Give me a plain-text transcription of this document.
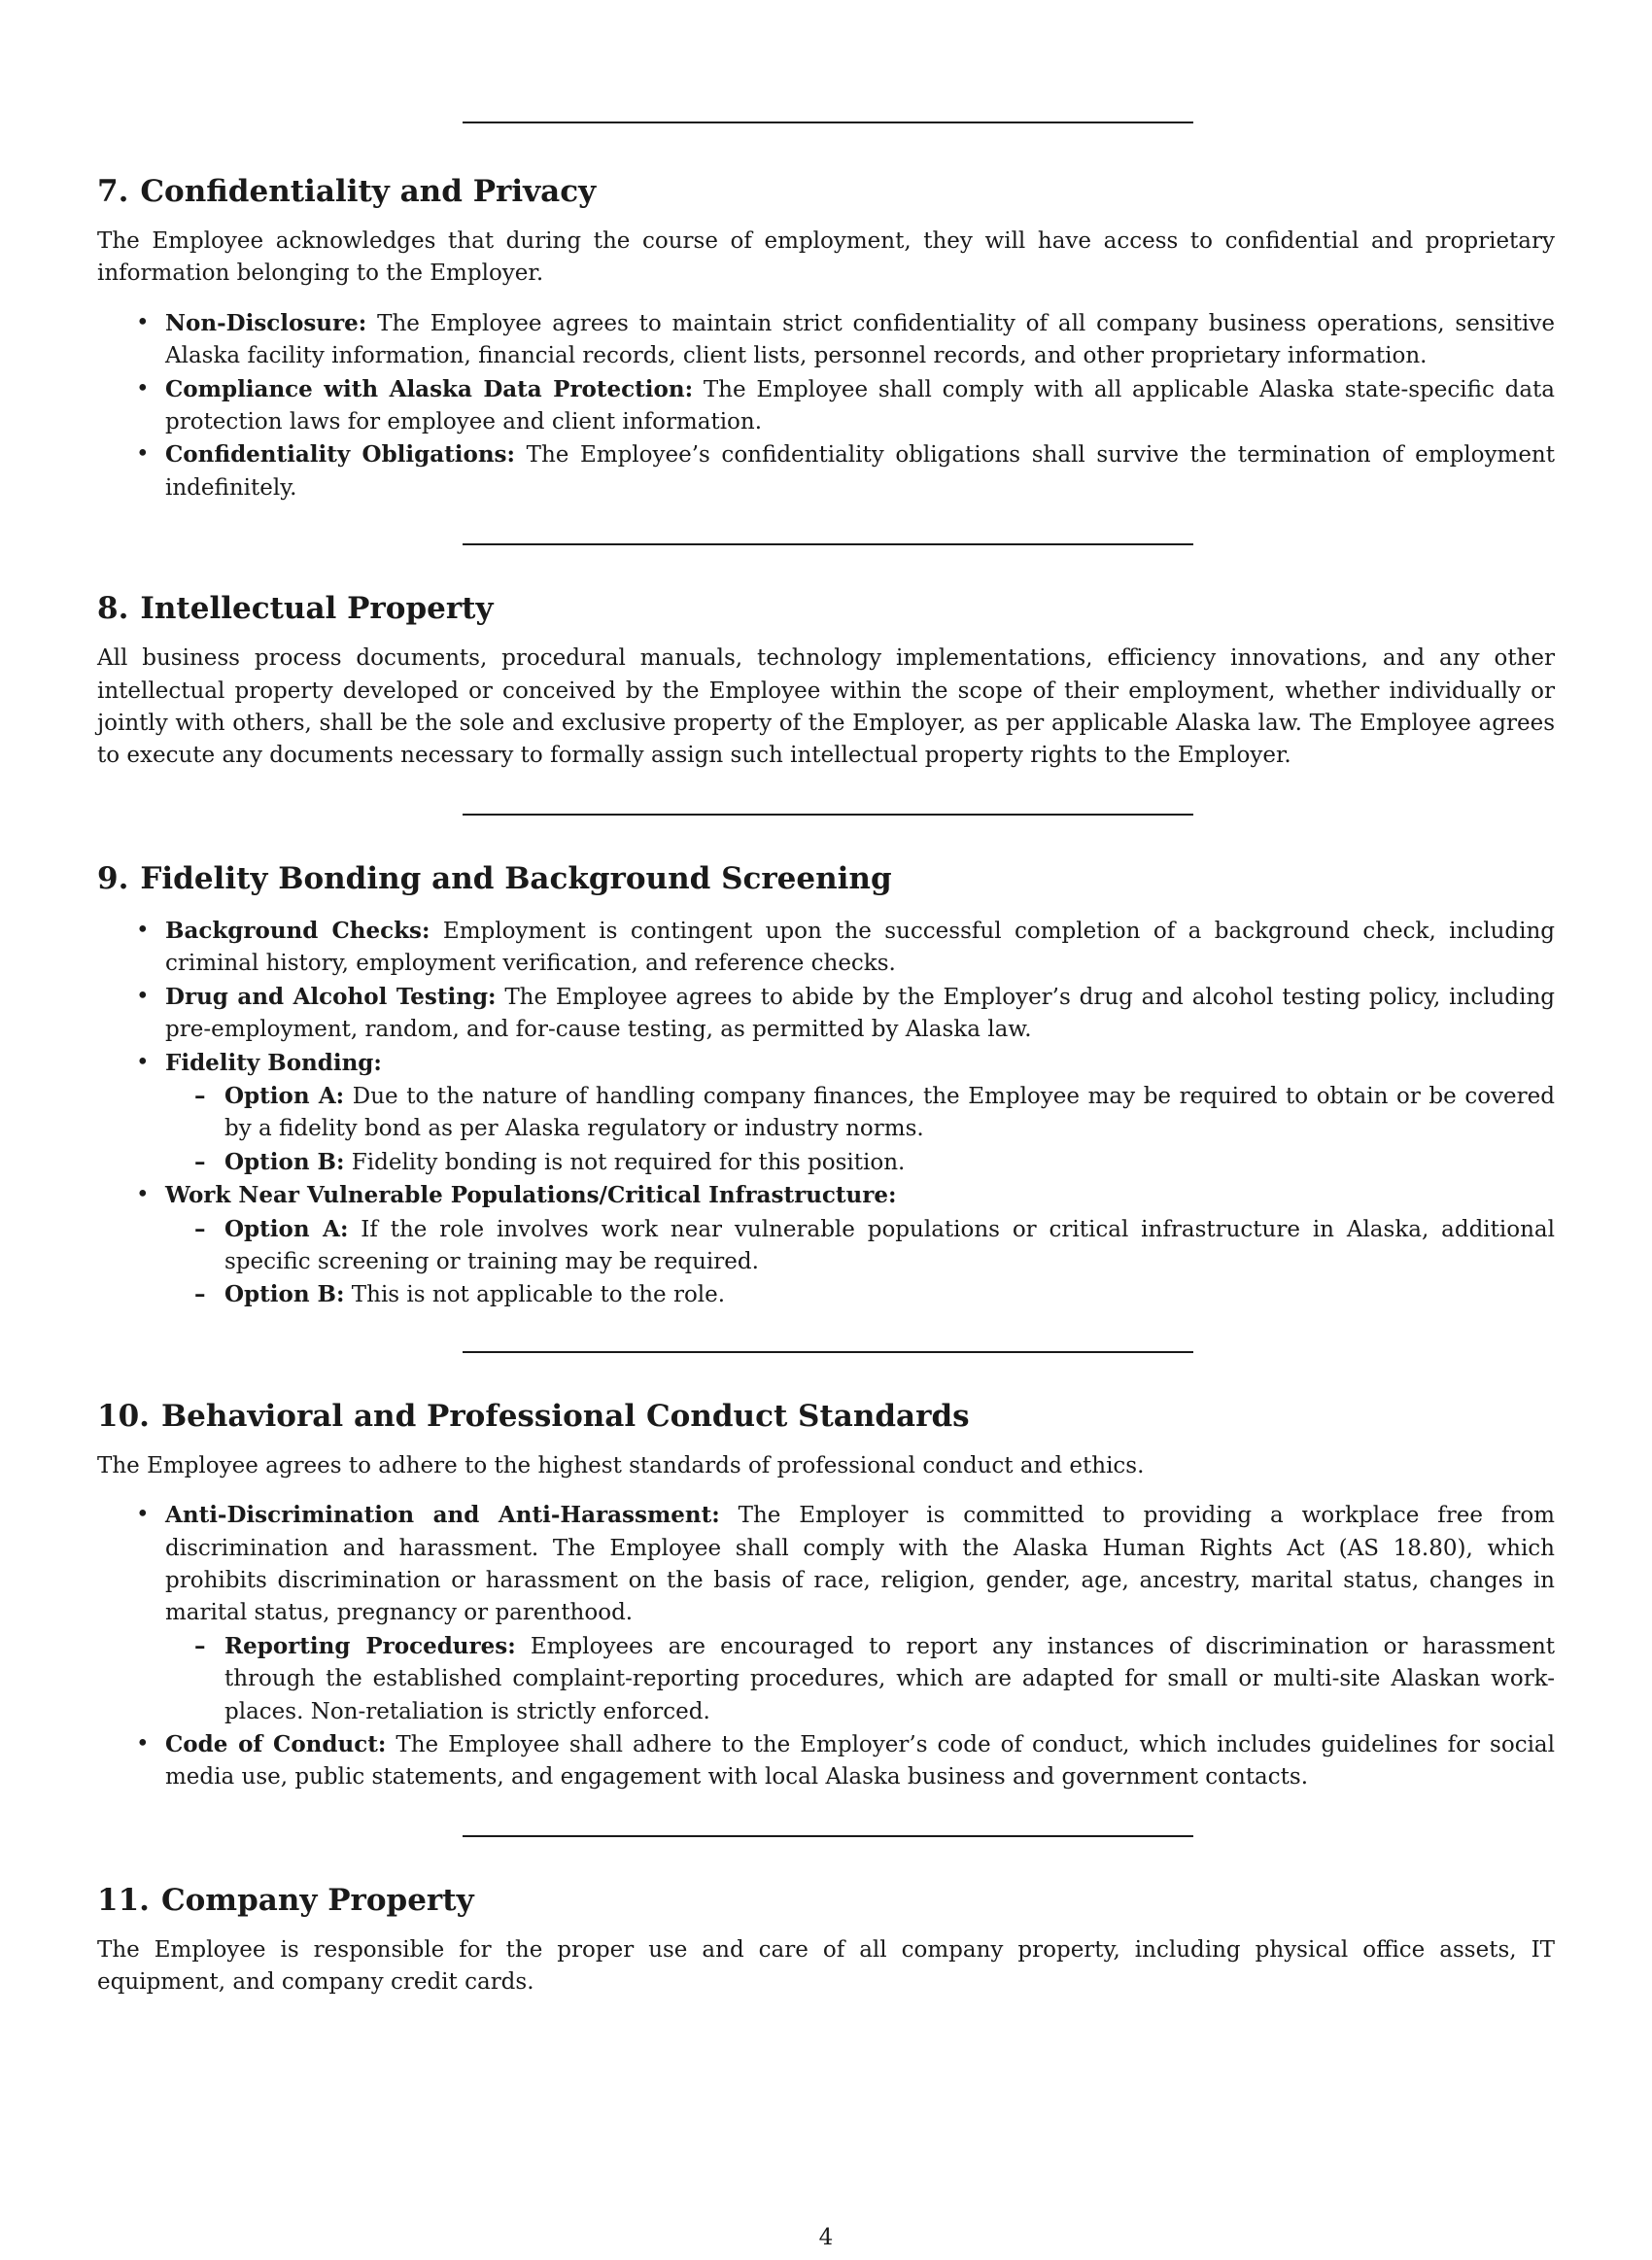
7. Confidentiality and Privacy

The Employee acknowledges that during the course of employment, they will have access to confidential and proprietary information belonging to the Employer.

• Non-Disclosure: The Employee agrees to maintain strict confidentiality of all company business operations, sensitive Alaska facility information, financial records, client lists, personnel records, and other proprietary information.
• Compliance with Alaska Data Protection: The Employee shall comply with all applicable Alaska state-specific data protection laws for employee and client information.
• Confidentiality Obligations: The Employee’s confidentiality obligations shall survive the termination of employment indefinitely.
8. Intellectual Property

All business process documents, procedural manuals, technology implementations, efficiency innovations, and any other intellectual property developed or conceived by the Employee within the scope of their employment, whether individually or jointly with others, shall be the sole and exclusive property of the Employer, as per applicable Alaska law. The Employee agrees to execute any documents necessary to formally assign such intellectual property rights to the Employer.

9. Fidelity Bonding and Background Screening
• Background Checks: Employment is contingent upon the successful completion of a background check, including criminal history, employment verification, and reference checks.
• Drug and Alcohol Testing: The Employee agrees to abide by the Employer’s drug and alcohol testing policy, including pre-employment, random, and for-cause testing, as permitted by Alaska law.
• Fidelity Bonding:
– Option A: Due to the nature of handling company finances, the Employee may be required to obtain or be covered by a fidelity bond as per Alaska regulatory or industry norms.
– Option B: Fidelity bonding is not required for this position.
• Work Near Vulnerable Populations/Critical Infrastructure:
– Option A: If the role involves work near vulnerable populations or critical infrastructure in Alaska, additional specific screening or training may be required.
– Option B: This is not applicable to the role.
10. Behavioral and Professional Conduct Standards

The Employee agrees to adhere to the highest standards of professional conduct and ethics.

• Anti-Discrimination and Anti-Harassment: The Employer is committed to providing a workplace free from discrimination and harassment. The Employee shall comply with the Alaska Human Rights Act (AS 18.80), which prohibits discrimination or harassment on the basis of race, religion, gender, age, ancestry, marital status, changes in marital status, pregnancy or parenthood.
– Reporting Procedures: Employees are encouraged to report any instances of discrimination or harassment through the established complaint-reporting procedures, which are adapted for small or multi-site Alaskan work-places. Non-retaliation is strictly enforced.
• Code of Conduct: The Employee shall adhere to the Employer’s code of conduct, which includes guidelines for social media use, public statements, and engagement with local Alaska business and government contacts.
11. Company Property

The Employee is responsible for the proper use and care of all company property, including physical office assets, IT equipment, and company credit cards.

4
